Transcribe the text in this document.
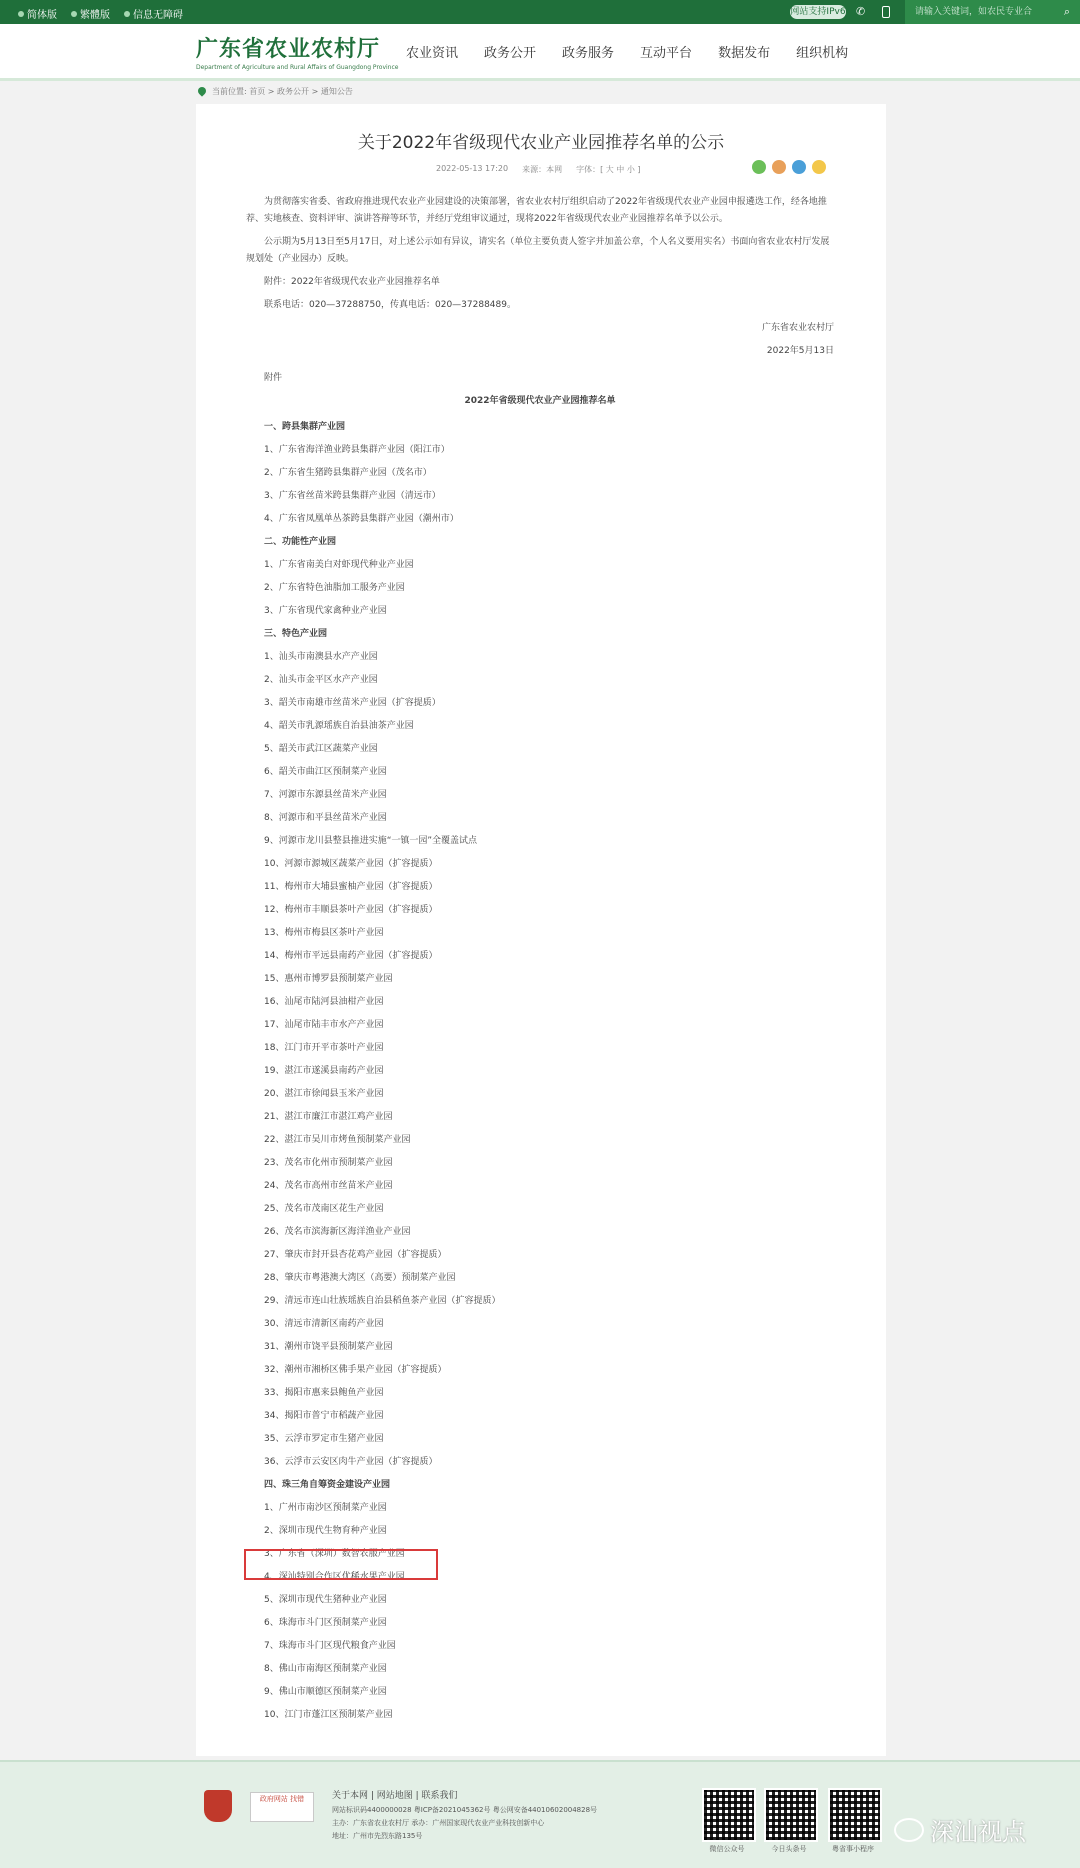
简体版 繁體版 信息无障碍	网站支持IPv6 ✆	请输入关键词，如农民专业合	⌕
广东省农业农村厅
Department of Agriculture and Rural Affairs of Guangdong Province
农业资讯 政务公开 政务服务 互动平台 数据发布 组织机构
当前位置: 首页 > 政务公开 > 通知公告
关于2022年省级现代农业产业园推荐名单的公示
2022-05-13 17:20 来源：本网 字体：[ 大 中 小 ]

为贯彻落实省委、省政府推进现代农业产业园建设的决策部署，省农业农村厅组织启动了2022年省级现代农业产业园申报遴选工作，经各地推荐、实地核查、资料评审、演讲答辩等环节，并经厅党组审议通过，现将2022年省级现代农业产业园推荐名单予以公示。

公示期为5月13日至5月17日，对上述公示如有异议，请实名（单位主要负责人签字并加盖公章，个人名义要用实名）书面向省农业农村厅发展规划处（产业园办）反映。

附件：2022年省级现代农业产业园推荐名单

联系电话：020—37288750，传真电话：020—37288489。

广东省农业农村厅

2022年5月13日

附件

2022年省级现代农业产业园推荐名单
一、跨县集群产业园
1、广东省海洋渔业跨县集群产业园（阳江市）
2、广东省生猪跨县集群产业园（茂名市）
3、广东省丝苗米跨县集群产业园（清远市）
4、广东省凤凰单丛茶跨县集群产业园（潮州市）
二、功能性产业园
1、广东省南美白对虾现代种业产业园
2、广东省特色油脂加工服务产业园
3、广东省现代家禽种业产业园
三、特色产业园
1、汕头市南澳县水产产业园
2、汕头市金平区水产产业园
3、韶关市南雄市丝苗米产业园（扩容提质）
4、韶关市乳源瑶族自治县油茶产业园
5、韶关市武江区蔬菜产业园
6、韶关市曲江区预制菜产业园
7、河源市东源县丝苗米产业园
8、河源市和平县丝苗米产业园
9、河源市龙川县整县推进实施“一镇一园”全覆盖试点
10、河源市源城区蔬菜产业园（扩容提质）
11、梅州市大埔县蜜柚产业园（扩容提质）
12、梅州市丰顺县茶叶产业园（扩容提质）
13、梅州市梅县区茶叶产业园
14、梅州市平远县南药产业园（扩容提质）
15、惠州市博罗县预制菜产业园
16、汕尾市陆河县油柑产业园
17、汕尾市陆丰市水产产业园
18、江门市开平市茶叶产业园
19、湛江市遂溪县南药产业园
20、湛江市徐闻县玉米产业园
21、湛江市廉江市湛江鸡产业园
22、湛江市吴川市烤鱼预制菜产业园
23、茂名市化州市预制菜产业园
24、茂名市高州市丝苗米产业园
25、茂名市茂南区花生产业园
26、茂名市滨海新区海洋渔业产业园
27、肇庆市封开县杏花鸡产业园（扩容提质）
28、肇庆市粤港澳大湾区（高要）预制菜产业园
29、清远市连山壮族瑶族自治县稻鱼茶产业园（扩容提质）
30、清远市清新区南药产业园
31、潮州市饶平县预制菜产业园
32、潮州市湘桥区佛手果产业园（扩容提质）
33、揭阳市惠来县鲍鱼产业园
34、揭阳市普宁市稻蔬产业园
35、云浮市罗定市生猪产业园
36、云浮市云安区肉牛产业园（扩容提质）
四、珠三角自筹资金建设产业园
1、广州市南沙区预制菜产业园
2、深圳市现代生物育种产业园
3、广东省（深圳）数智农服产业园
4、深汕特别合作区优稀水果产业园
5、深圳市现代生猪种业产业园
6、珠海市斗门区预制菜产业园
7、珠海市斗门区现代粮食产业园
8、佛山市南海区预制菜产业园
9、佛山市顺德区预制菜产业园
10、江门市蓬江区预制菜产业园
政府网站 找错	关于本网 | 网站地图 | 联系我们
网站标识码4400000028 粤ICP备2021045362号 粤公网安备44010602004828号
主办：广东省农业农村厅 承办：广州国家现代农业产业科技创新中心
地址：广州市先烈东路135号
微信公众号	今日头条号	粤省事小程序
深汕视点
